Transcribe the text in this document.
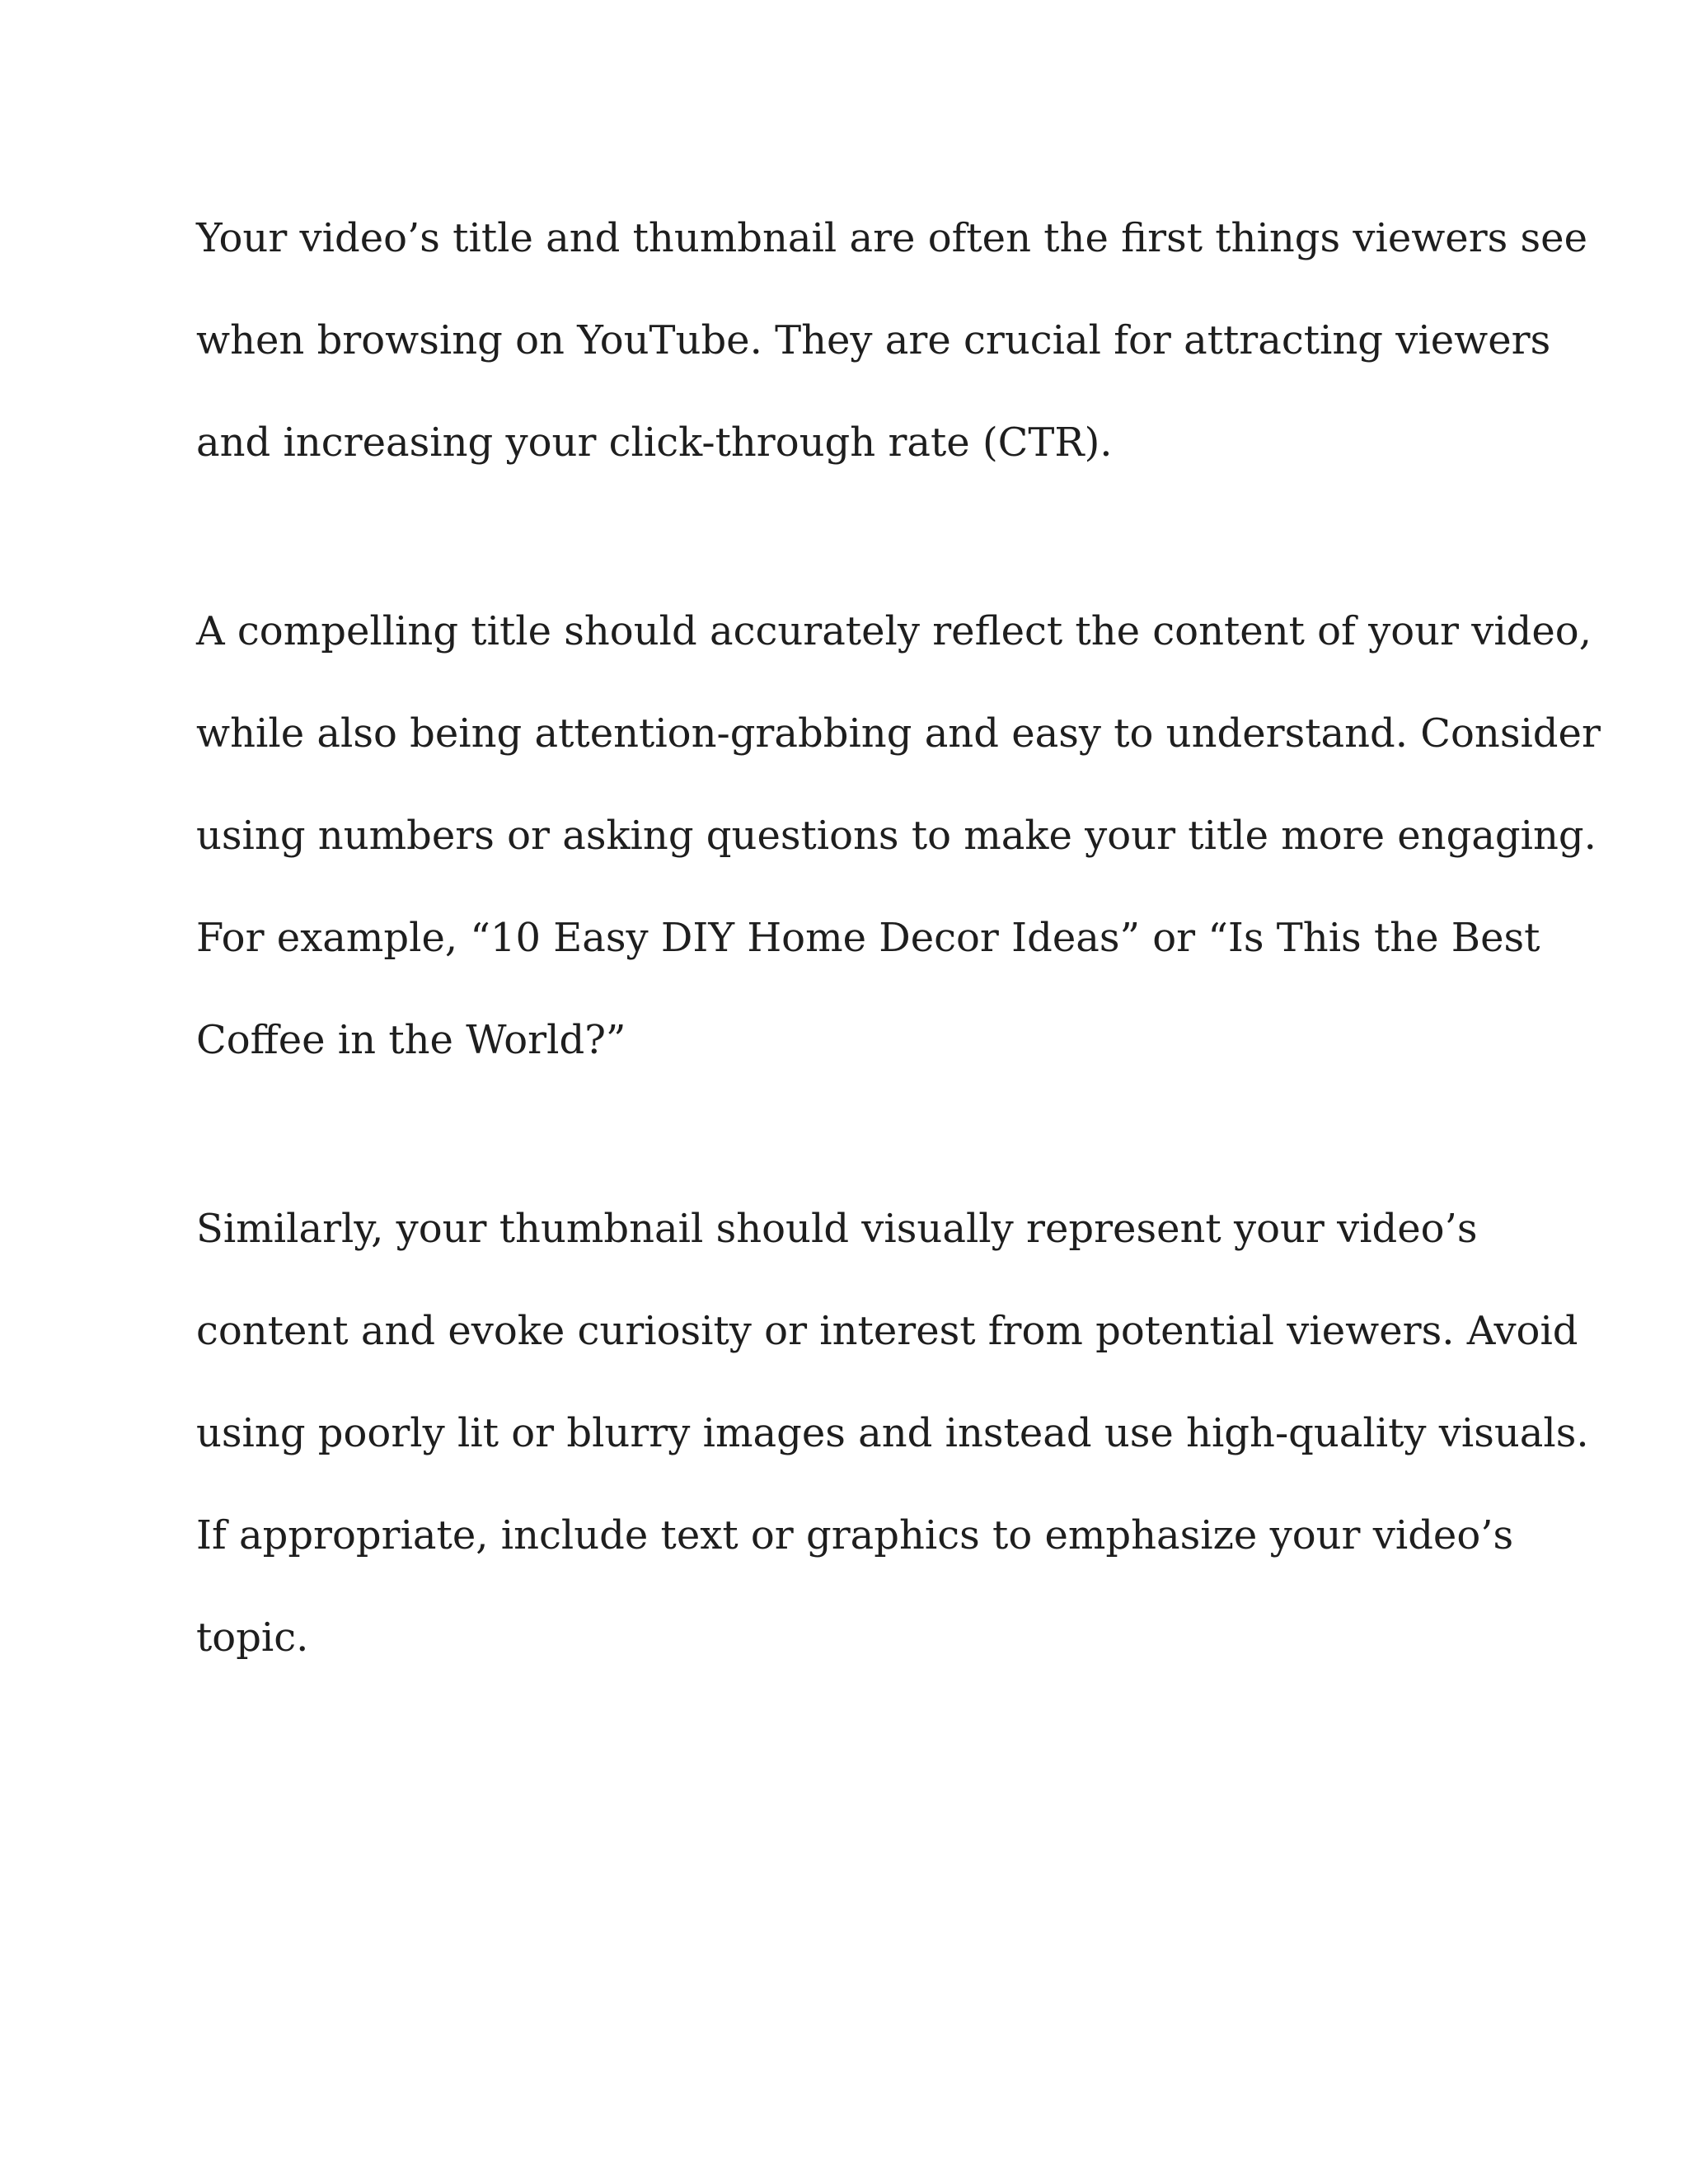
Your video’s title and thumbnail are often the first things viewers see
when browsing on YouTube. They are crucial for attracting viewers
and increasing your click-through rate (CTR).

A compelling title should accurately reflect the content of your video,
while also being attention-grabbing and easy to understand. Consider
using numbers or asking questions to make your title more engaging.
For example, “10 Easy DIY Home Decor Ideas” or “Is This the Best
Coffee in the World?”

Similarly, your thumbnail should visually represent your video’s
content and evoke curiosity or interest from potential viewers. Avoid
using poorly lit or blurry images and instead use high-quality visuals.
If appropriate, include text or graphics to emphasize your video’s
topic.
